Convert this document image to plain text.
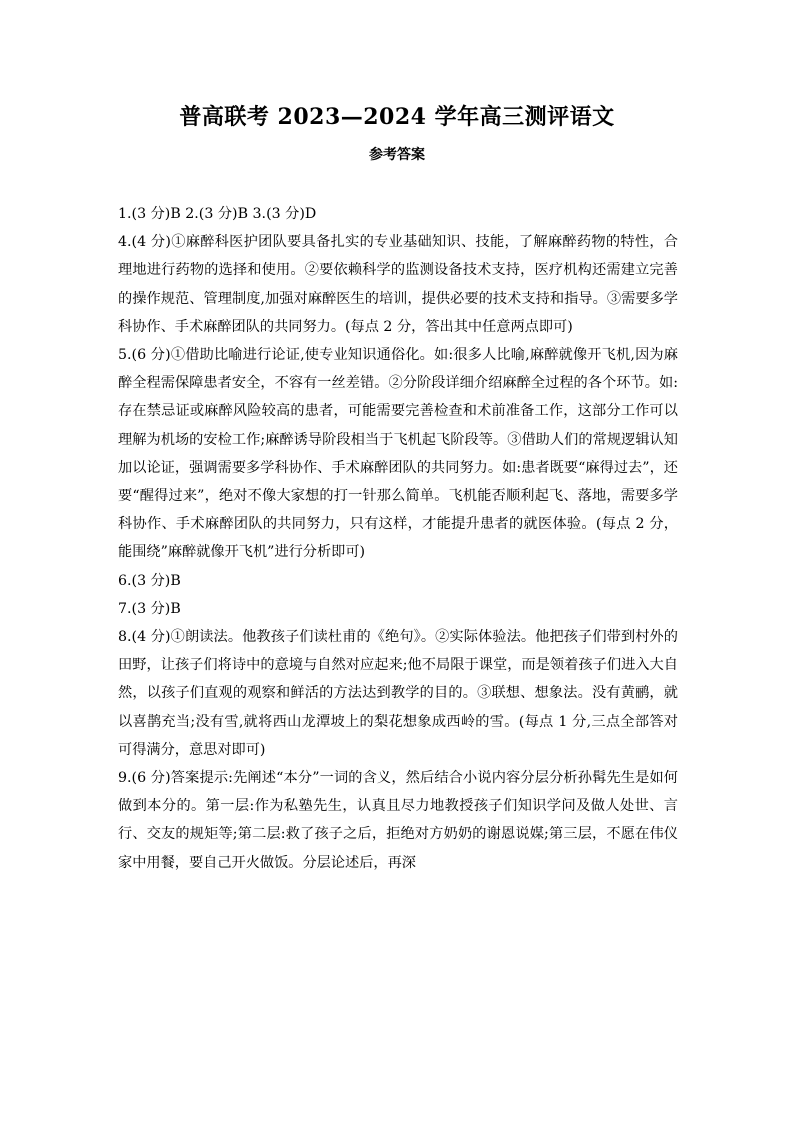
普高联考 2023—2024 学年高三测评语文
参考答案

1.(3 分)B 2.(3 分)B 3.(3 分)D

4.(4 分)①麻醉科医护团队要具备扎实的专业基础知识、技能，了解麻醉药物的特性，合理地进行药物的选择和使用。②要依赖科学的监测设备技术支持，医疗机构还需建立完善的操作规范、管理制度,加强对麻醉医生的培训，提供必要的技术支持和指导。③需要多学科协作、手术麻醉团队的共同努力。(每点 2 分，答出其中任意两点即可)

5.(6 分)①借助比喻进行论证,使专业知识通俗化。如:很多人比喻,麻醉就像开飞机,因为麻醉全程需保障患者安全，不容有一丝差错。②分阶段详细介绍麻醉全过程的各个环节。如:存在禁忌证或麻醉风险较高的患者，可能需要完善检查和术前准备工作，这部分工作可以理解为机场的安检工作;麻醉诱导阶段相当于飞机起飞阶段等。③借助人们的常规逻辑认知加以论证，强调需要多学科协作、手术麻醉团队的共同努力。如:患者既要“麻得过去”，还要“醒得过来”，绝对不像大家想的打一针那么简单。飞机能否顺利起飞、落地，需要多学科协作、手术麻醉团队的共同努力，只有这样，才能提升患者的就医体验。(每点 2 分，能围绕”麻醉就像开飞机”进行分析即可)

6.(3 分)B

7.(3 分)B

8.(4 分)①朗读法。他教孩子们读杜甫的《绝句》。②实际体验法。他把孩子们带到村外的田野，让孩子们将诗中的意境与自然对应起来;他不局限于课堂，而是领着孩子们进入大自然，以孩子们直观的观察和鲜活的方法达到教学的目的。③联想、想象法。没有黄鹂，就以喜鹊充当;没有雪,就将西山龙潭坡上的梨花想象成西岭的雪。(每点 1 分,三点全部答对可得满分，意思对即可)

9.(6 分)答案提示:先阐述“本分”一词的含义，然后结合小说内容分层分析孙髯先生是如何做到本分的。第一层:作为私塾先生，认真且尽力地教授孩子们知识学问及做人处世、言行、交友的规矩等;第二层:救了孩子之后，拒绝对方奶奶的谢恩说媒;第三层，不愿在伟仪家中用餐，要自己开火做饭。分层论述后，再深
